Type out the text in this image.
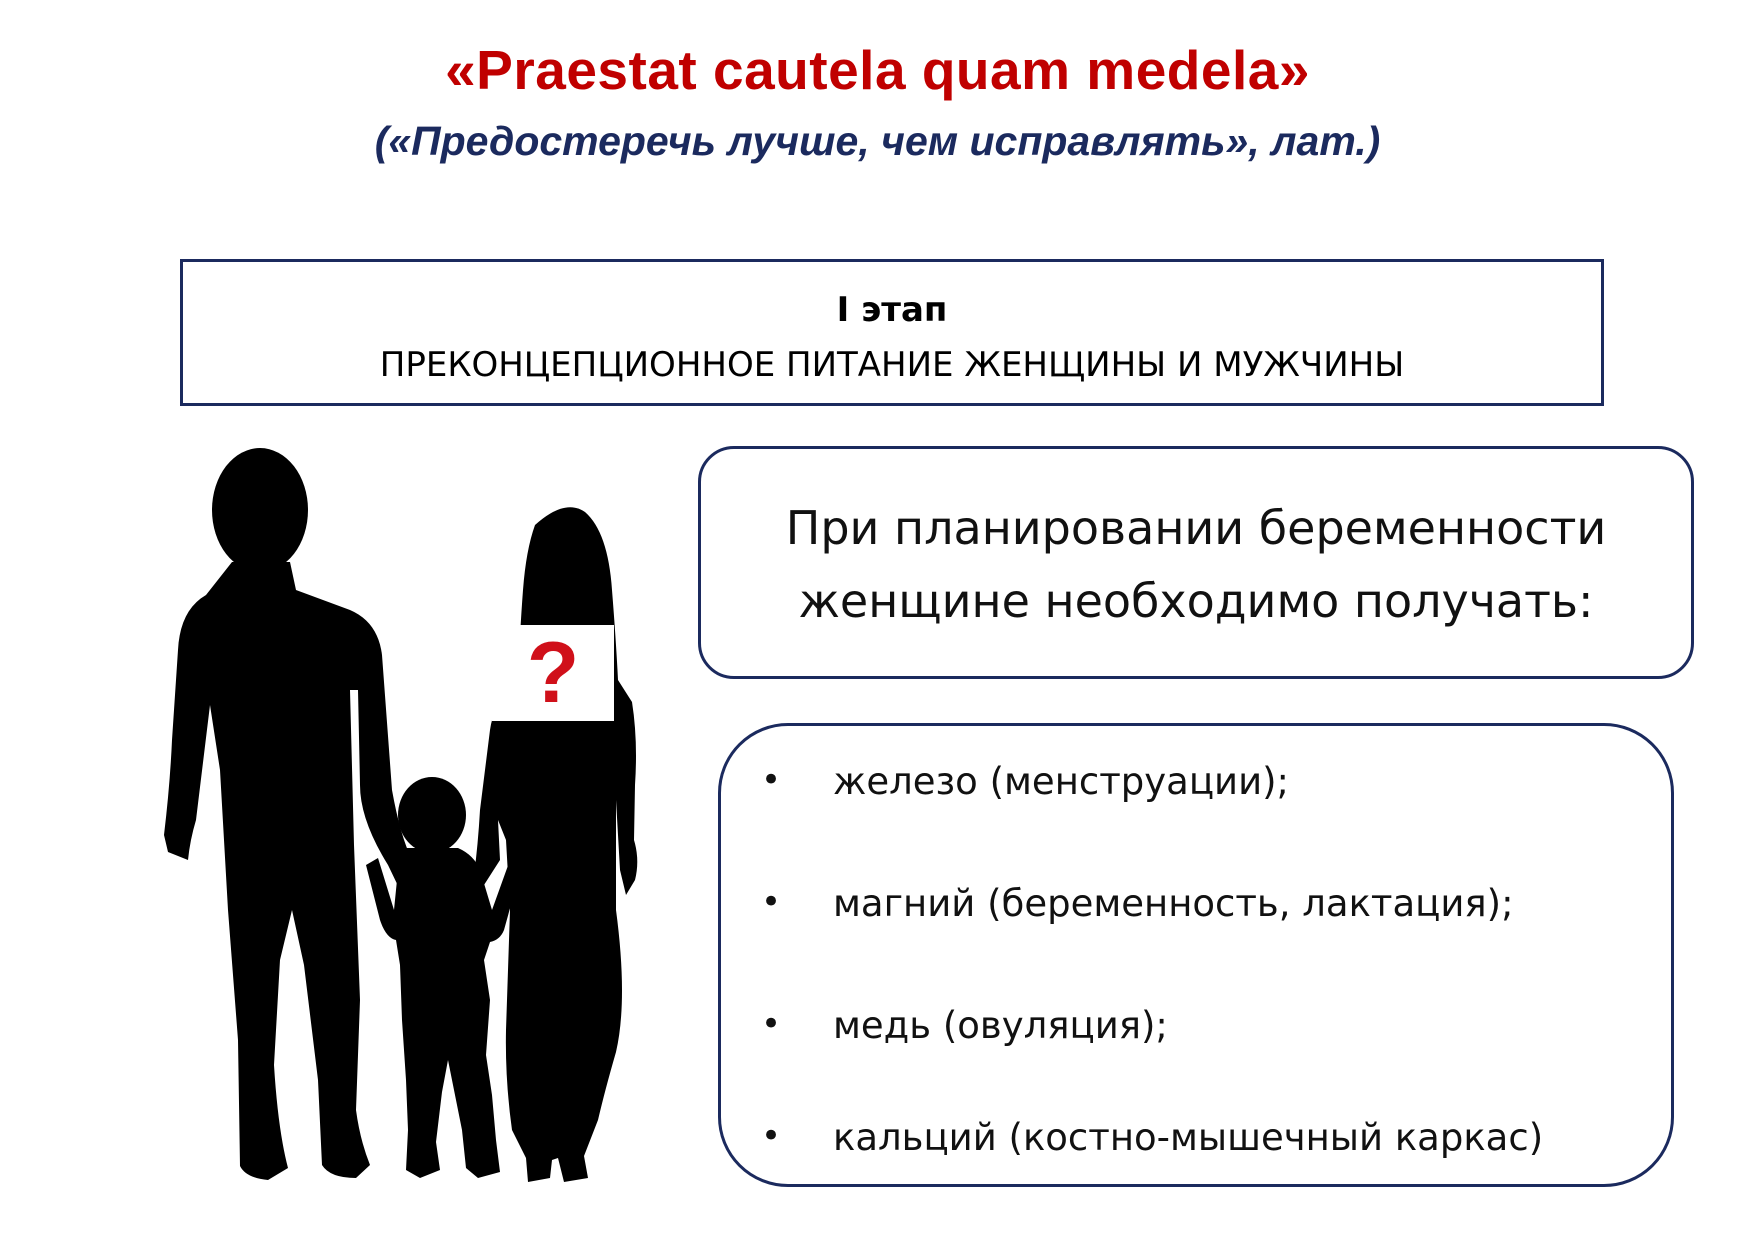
«Praestat cautela quam medela»
(«Предостеречь лучше, чем исправлять», лат.)
I этап
ПРЕКОНЦЕПЦИОННОЕ ПИТАНИЕ ЖЕНЩИНЫ И МУЖЧИНЫ
?
При планировании беременности
женщине необходимо получать:
• железо (менструации);
• магний (беременность, лактация);
• медь (овуляция);
• кальций (костно-мышечный каркас)
